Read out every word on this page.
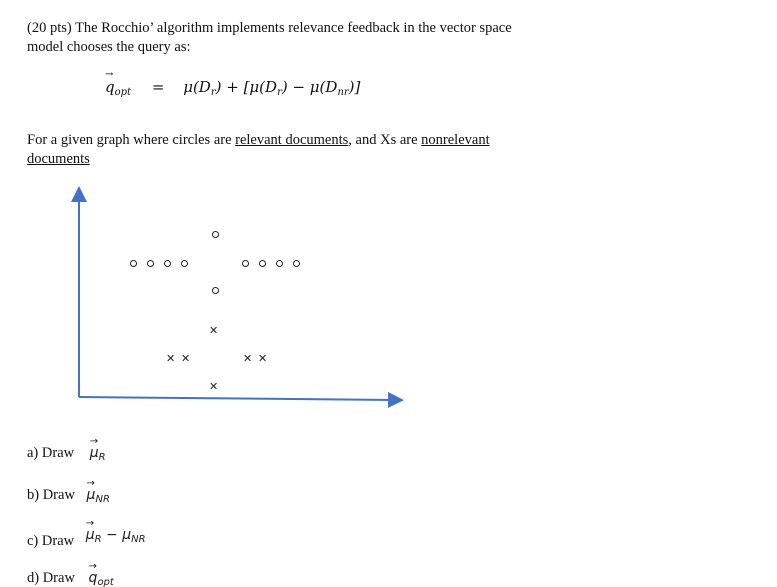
(20 pts) The Rocchio’ algorithm implements relevance feedback in the vector space
model chooses the query as:
→ $q_{opt} = \mu(D_r) + [\mu(D_r) - \mu(D_{nr})]$
For a given graph where circles are relevant documents, and Xs are nonrelevant
documents
✕
✕ ✕	✕ ✕
✕
a) Draw → $\mu_R$
b) Draw → $\mu_{NR}$
c) Draw → $\mu_R - \mu_{NR}$
d) Draw → $q_{opt}$
